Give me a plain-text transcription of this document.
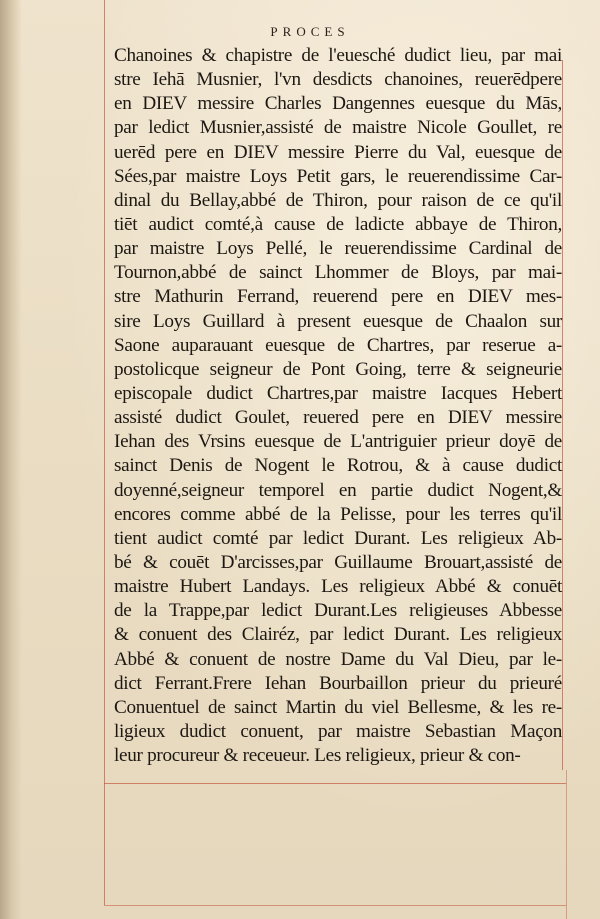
PROCES
Chanoines & chapistre de l'euesché dudict lieu, par mai
stre Iehā Musnier, l'vn desdicts chanoines, reuerēdpere
en DIEV messire Charles Dangennes euesque du Mās,
par ledict Musnier,assisté de maistre Nicole Goullet, re
uerēd pere en DIEV messire Pierre du Val, euesque de
Sées,par maistre Loys Petit gars, le reuerendissime Car-
dinal du Bellay,abbé de Thiron, pour raison de ce qu'il
tiēt audict comté,à cause de ladicte abbaye de Thiron,
par maistre Loys Pellé, le reuerendissime Cardinal de
Tournon,abbé de sainct Lhommer de Bloys, par mai-
stre Mathurin Ferrand, reuerend pere en DIEV mes-
sire Loys Guillard à present euesque de Chaalon sur
Saone auparauant euesque de Chartres, par reserue a-
postolicque seigneur de Pont Going, terre & seigneurie
episcopale dudict Chartres,par maistre Iacques Hebert
assisté dudict Goulet, reuered pere en DIEV messire
Iehan des Vrsins euesque de L'antriguier prieur doyē de
sainct Denis de Nogent le Rotrou, & à cause dudict
doyenné,seigneur temporel en partie dudict Nogent,&
encores comme abbé de la Pelisse, pour les terres qu'il
tient audict comté par ledict Durant. Les religieux Ab-
bé & couēt D'arcisses,par Guillaume Brouart,assisté de
maistre Hubert Landays. Les religieux Abbé & conuēt
de la Trappe,par ledict Durant.Les religieuses Abbesse
& conuent des Clairéz, par ledict Durant. Les religieux
Abbé & conuent de nostre Dame du Val Dieu, par le-
dict Ferrant.Frere Iehan Bourbaillon prieur du prieuré
Conuentuel de sainct Martin du viel Bellesme, & les re-
ligieux dudict conuent, par maistre Sebastian Maçon
leur procureur & receueur. Les religieux, prieur & con-
